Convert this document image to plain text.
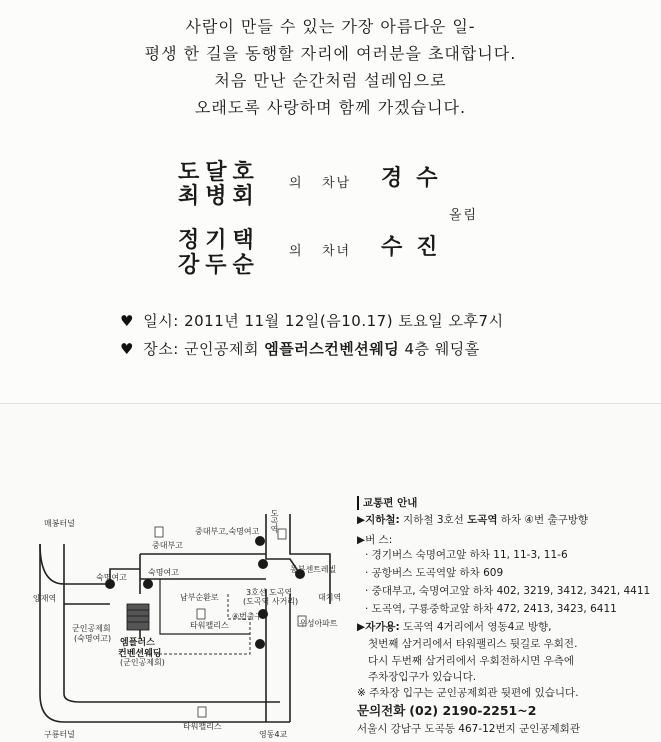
사람이 만들 수 있는 가장 아름다운 일-
평생 한 길을 동행할 자리에 여러분을 초대합니다.
처음 만난 순간처럼 설레임으로
오래도록 사랑하며 함께 가겠습니다.
도달호
최병회
의 차남 경수
올림
정기택
강두순
의 차녀 수진
♥ 일시: 2011년 11월 12일(음10.17) 토요일 오후7시
♥ 장소: 군인공제회 엠플러스컨벤션웨딩 4층 웨딩홀
매봉터널
양재역
구룡터널
숙명여고
숙명여고
중대부고
중대부고,숙명여고 도곡역
동부센트레빌
대치역
우성아파트
남부순환로
3호선 도곡역
(도곡역 사거리)
④번출구
타워팰리스
타워팰리스
영동4교
엠플러스
컨벤션웨딩
(군인공제회)
군인공제회
(숙명여고)
교통편 안내
▶지하철: 지하철 3호선 도곡역 하차 ④번 출구방향
▶버 스:
· 경기버스 숙명여고앞 하차 11, 11-3, 11-6
· 공항버스 도곡역앞 하차 609
· 중대부고, 숙명여고앞 하차 402, 3219, 3412, 3421, 4411
· 도곡역, 구룡중학교앞 하차 472, 2413, 3423, 6411
▶자가용: 도곡역 4거리에서 영동4교 방향,
첫번째 삼거리에서 타워팰리스 뒷길로 우회전.
다시 두번째 삼거리에서 우회전하시면 우측에
주차장입구가 있습니다.
※ 주차장 입구는 군인공제회관 뒷편에 있습니다.
문의전화 (02) 2190-2251~2
서울시 강남구 도곡동 467-12번지 군인공제회관
